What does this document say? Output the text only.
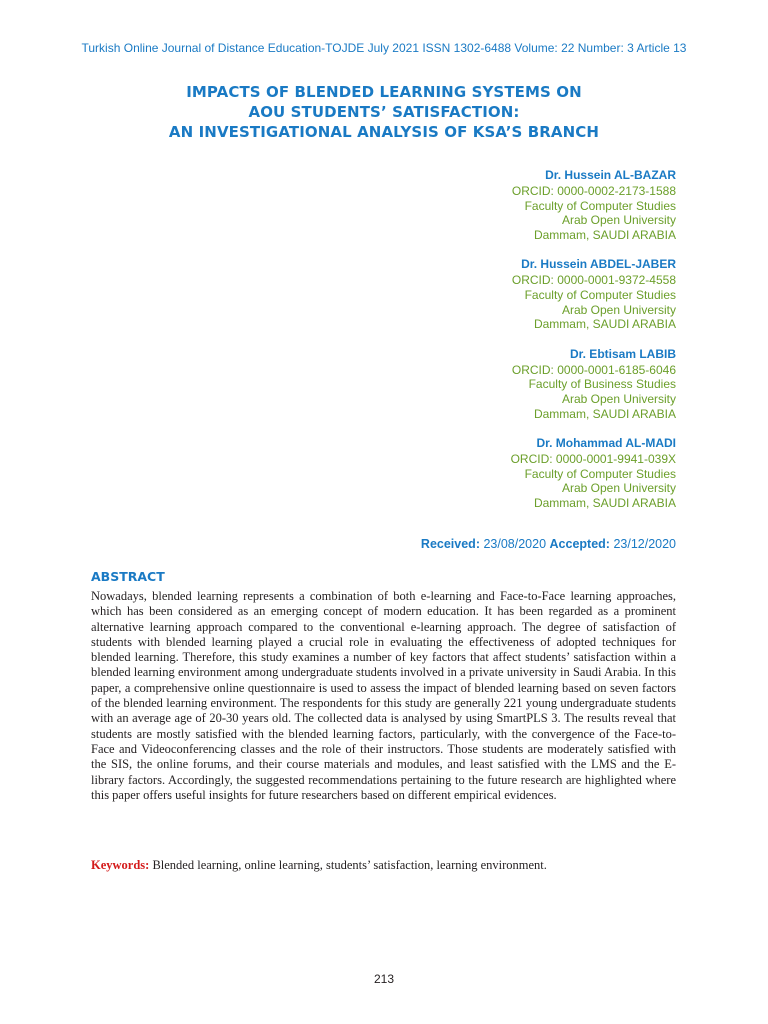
Turkish Online Journal of Distance Education-TOJDE July 2021 ISSN 1302-6488 Volume: 22 Number: 3 Article 13
IMPACTS OF BLENDED LEARNING SYSTEMS ON
AOU STUDENTS’ SATISFACTION:
AN INVESTIGATIONAL ANALYSIS OF KSA’S BRANCH
Dr. Hussein AL-BAZAR
ORCID: 0000-0002-2173-1588
Faculty of Computer Studies
Arab Open University
Dammam, SAUDI ARABIA
Dr. Hussein ABDEL-JABER
ORCID: 0000-0001-9372-4558
Faculty of Computer Studies
Arab Open University
Dammam, SAUDI ARABIA
Dr. Ebtisam LABIB
ORCID: 0000-0001-6185-6046
Faculty of Business Studies
Arab Open University
Dammam, SAUDI ARABIA
Dr. Mohammad AL-MADI
ORCID: 0000-0001-9941-039X
Faculty of Computer Studies
Arab Open University
Dammam, SAUDI ARABIA
Received: 23/08/2020 Accepted: 23/12/2020
ABSTRACT

Nowadays, blended learning represents a combination of both e-learning and Face-to-Face learning approaches, which has been considered as an emerging concept of modern education. It has been regarded as a prominent alternative learning approach compared to the conventional e-learning approach. The degree of satisfaction of students with blended learning played a crucial role in evaluating the effectiveness of adopted techniques for blended learning. Therefore, this study examines a number of key factors that affect students’ satisfaction within a blended learning environment among undergraduate students involved in a private university in Saudi Arabia. In this paper, a comprehensive online questionnaire is used to assess the impact of blended learning based on seven factors of the blended learning environment. The respondents for this study are generally 221 young undergraduate students with an average age of 20-30 years old. The collected data is analysed by using SmartPLS 3. The results reveal that students are mostly satisfied with the blended learning factors, particularly, with the convergence of the Face-to-Face and Videoconferencing classes and the role of their instructors. Those students are moderately satisfied with the SIS, the online forums, and their course materials and modules, and least satisfied with the LMS and the E-library factors. Accordingly, the suggested recommendations pertaining to the future research are highlighted where this paper offers useful insights for future researchers based on different empirical evidences.

Keywords: Blended learning, online learning, students’ satisfaction, learning environment.
213
